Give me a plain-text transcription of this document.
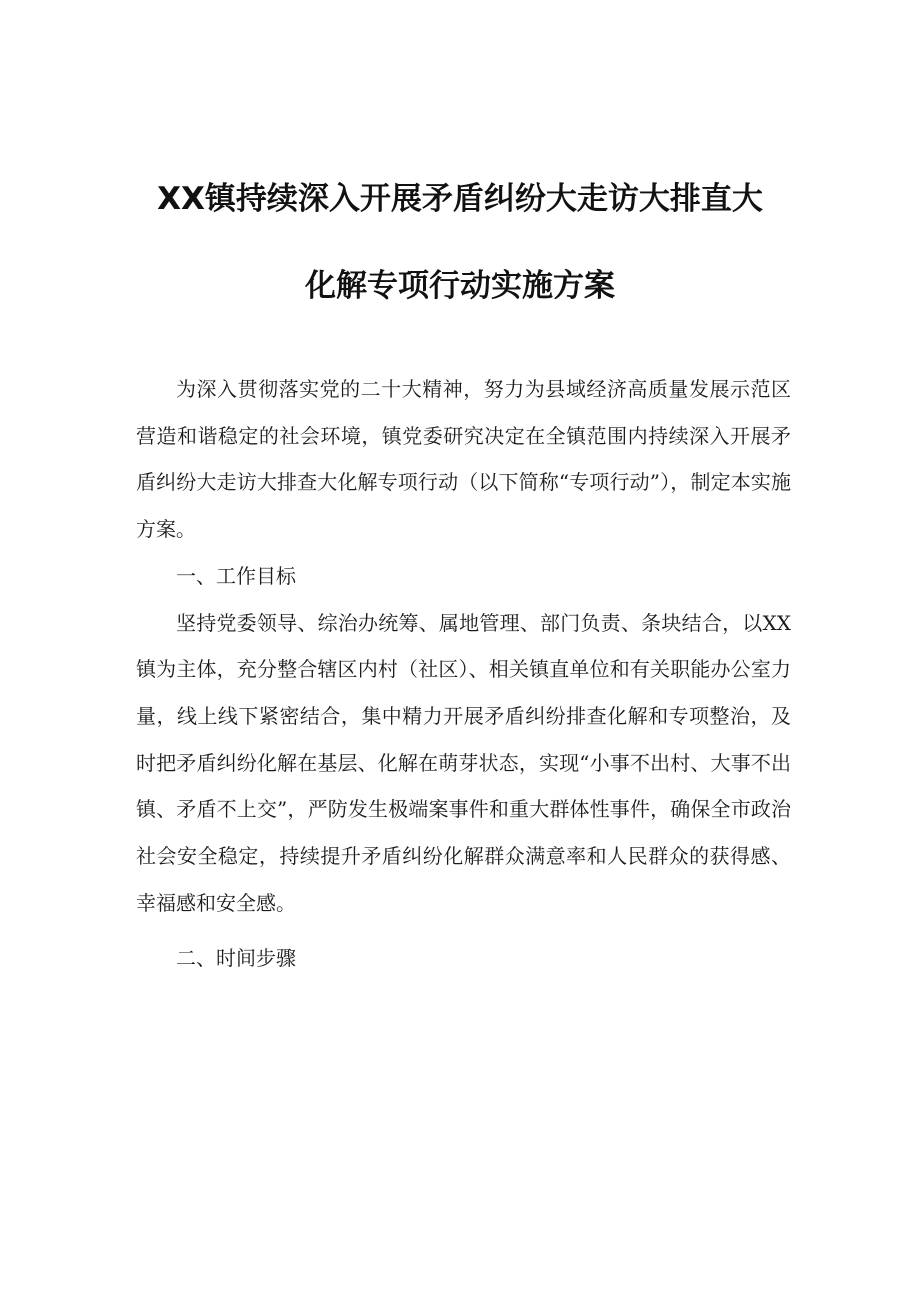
XX镇持续深入开展矛盾纠纷大走访大排直大
化解专项行动实施方案

为深入贯彻落实党的二十大精神，努力为县域经济高质量发展示范区营造和谐稳定的社会环境，镇党委研究决定在全镇范围内持续深入开展矛盾纠纷大走访大排查大化解专项行动（以下简称“专项行动”），制定本实施方案。

一、工作目标

坚持党委领导、综治办统筹、属地管理、部门负责、条块结合，以XX镇为主体，充分整合辖区内村（社区）、相关镇直单位和有关职能办公室力量，线上线下紧密结合，集中精力开展矛盾纠纷排查化解和专项整治，及时把矛盾纠纷化解在基层、化解在萌芽状态，实现“小事不出村、大事不出镇、矛盾不上交”，严防发生极端案事件和重大群体性事件，确保全市政治社会安全稳定，持续提升矛盾纠纷化解群众满意率和人民群众的获得感、幸福感和安全感。

二、时间步骤
